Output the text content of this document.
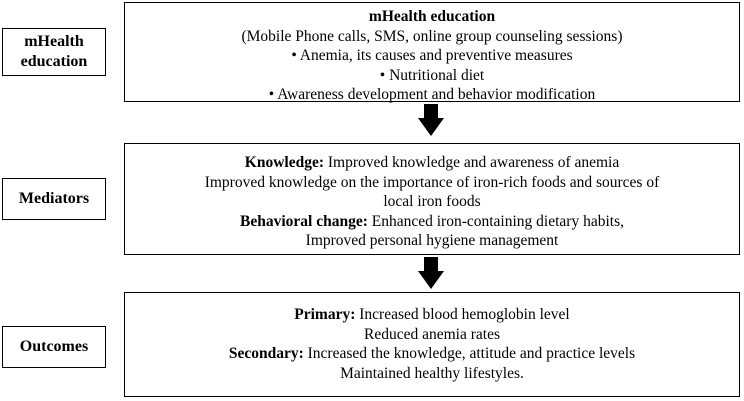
mHealth
education
mHealth education
(Mobile Phone calls, SMS, online group counseling sessions)
• Anemia, its causes and preventive measures
• Nutritional diet
• Awareness development and behavior modification
Mediators
Knowledge: Improved knowledge and awareness of anemia
Improved knowledge on the importance of iron-rich foods and sources of
local iron foods
Behavioral change: Enhanced iron-containing dietary habits,
Improved personal hygiene management
Outcomes
Primary: Increased blood hemoglobin level
Reduced anemia rates
Secondary: Increased the knowledge, attitude and practice levels
Maintained healthy lifestyles.
